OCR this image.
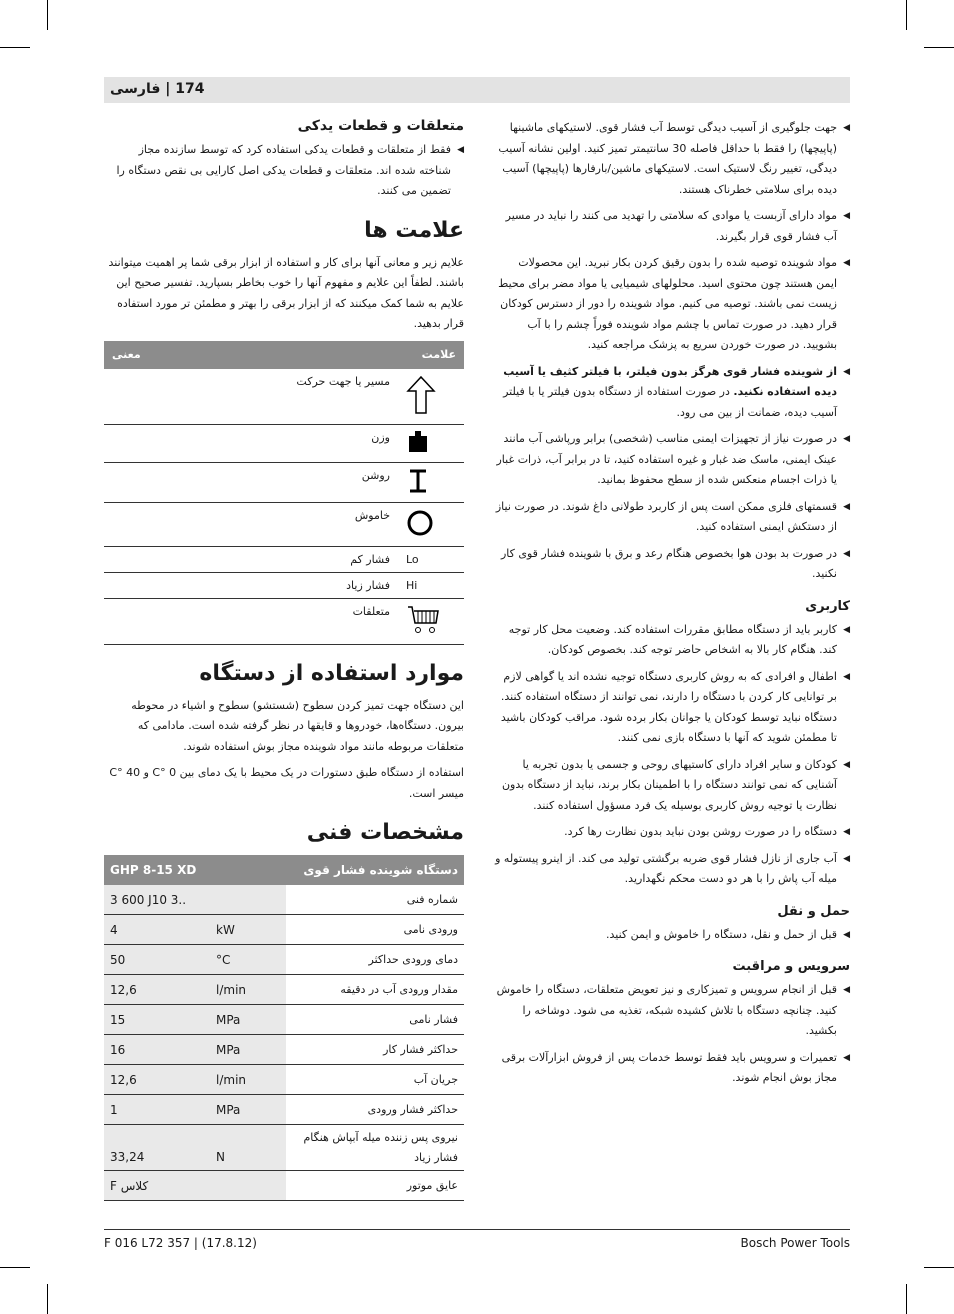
174 | فارسی
متعلقات و قطعات یدکی
◀ فقط از متعلقات و قطعات یدکی استفاده کرد که توسط سازنده مجاز شناخته شده اند. متعلقات و قطعات یدکی اصل کارایی بی نقص دستگاه را تضمین می کنند.
علامت ها
علایم زیر و معانی آنها برای کار و استفاده از ابزار برقی شما پر اهمیت میتوانند باشند. لطفاً این علایم و مفهوم آنها را خوب بخاطر بسپارید. تفسیر صحیح این علایم به شما کمک میکنند که از ابزار برقی را بهتر و مطمئن تر مورد استفاده قرار بدهید.
علامت	معنی
	مسیر یا جهت حرکت
	وزن
	روشن
	خاموش
Lo	فشار کم
Hi	فشار زیاد
	متعلقات
موارد استفاده از دستگاه
این دستگاه جهت تمیز کردن سطوح (شستشو) سطوح و اشیاء در محوطه بیرون. دستگاه‌ها، خودروها و قایقها در نظر گرفته شده است. مادامی که متعلقات مربوطه مانند مواد شوینده مجاز بوش استفاده شوند.
استفاده از دستگاه طبق دستورات در یک محیط با یک دمای بین 0 °C و 40 °C میسر است.
مشخصات فنی
GHP 8-15 XD		دستگاه شوینده فشار قوی
3 600 J10 3..		شماره فنی
4	kW	ورودی نامی
50	°C	دمای ورودی حداکثر
12,6	l/min	مقدار ورودی آب در دقیقه
15	MPa	فشار نامی
16	MPa	حداکثر فشار کار
12,6	l/min	جریان آب
1	MPa	حداکثر فشار ورودی
33,24	N	نیروی پس زننده میله آبپاش هنگام فشار زیاد
F کلاس		عایق موتور
◀ جهت جلوگیری از آسیب دیدگی توسط آب فشار قوی. لاستیکهای ماشینها (پاپیچها) را فقط با حداقل فاصله 30 سانتیمتر تمیز کنید. اولین نشانه آسیب دیدگی، تغییر رنگ لاستیک است. لاستیکهای ماشین/بارفارها (پاپیچها) آسیب دیده برای سلامتی خطرناک هستند.
◀ مواد دارای آزبست یا موادی که سلامتی را تهدید می کنند را نباید در مسیر آب فشار قوی قرار بگیرند.
◀ مواد شوینده توصیه شده را بدون رقیق کردن بکار نبرید. این محصولات ایمن هستند چون محتوی اسید. محلولهای شیمیایی یا مواد مضر برای محیط زیست نمی باشند. توصیه می کنیم. مواد شوینده را دور از دسترس کودکان قرار دهید. در صورت تماس با چشم مواد شوینده فوراً چشم را با آب بشویید. در صورت خوردن سریع به پزشک مراجعه کنید.
◀ از شوینده فشار قوی هرگز بدون فیلتر، با فیلتر کثیف یا آسیب دیده استفاده نکنید. در صورت استفاده از دستگاه بدون فیلتر یا با فیلتر آسیب دیده، ضمانت از بین می رود.
◀ در صورت نیاز از تجهیزات ایمنی مناسب (شخصی) برابر ورپاشی آب مانند عینک ایمنی، ماسک ضد غبار و غیره استفاده کنید، تا در برابر آب، ذرات غبار یا ذرات اجسام منعکس شده از سطح محفوظ بمانید.
◀ قسمتهای فلزی ممکن است پس از کاربرد طولانی داغ شوند. در صورت نیاز از دستکش ایمنی استفاده کنید.
◀ در صورت بد بودن هوا بخصوص هنگام رعد و برق با شوینده فشار قوی کار نکنید.
کاربری
◀ کاربر باید از دستگاه مطابق مقررات استفاده کند. وضعیت محل کار توجه کند. هنگام کار بالا به اشخاص حاضر توجه کند. بخصوص کودکان.
◀ اطفال و افرادی که به روش کاربری دستگاه توجیه نشده اند یا گواهی لازم بر توانایی کار کردن با دستگاه را دارند، نمی توانند از دستگاه استفاده کنند. دستگاه نباید توسط کودکان یا جوانان بکار برده شود. مراقب کودکان باشید تا مطمئن شوید که آنها با دستگاه بازی نمی کنند.
◀ کودکان و سایر افراد دارای کاستیهای روحی و جسمی یا بدون تجربه یا آشنایی که نمی توانند دستگاه را با اطمینان بکار برند، نباید از دستگاه بدون نظارت یا توجیه روش کاربری بوسیله یک فرد مسؤول استفاده کنند.
◀ دستگاه را در صورت روشن بودن نباید بدون نظارت رها کرد.
◀ آب جاری از نازل فشار قوی ضربه برگشتی تولید می کند. از اینرو پیستوله و میله آب پاش را با هر دو دست محکم نگهدارید.
حمل و نقل
◀ قبل از حمل و نقل، دستگاه را خاموش و ایمن کنید.
سرویس و مراقبت
◀ قبل از انجام سرویس و تمیزکاری و نیز تعویض متعلقات، دستگاه را خاموش کنید. چنانچه دستگاه با تلاش کشیده شبکه، تغذیه می شود. دوشاخه را بکشید.
◀ تعمیرات و سرویس باید فقط توسط خدمات پس از فروش ابزارآلات برقی مجاز بوش انجام شوند.
F 016 L72 357 | (17.8.12)	Bosch Power Tools
